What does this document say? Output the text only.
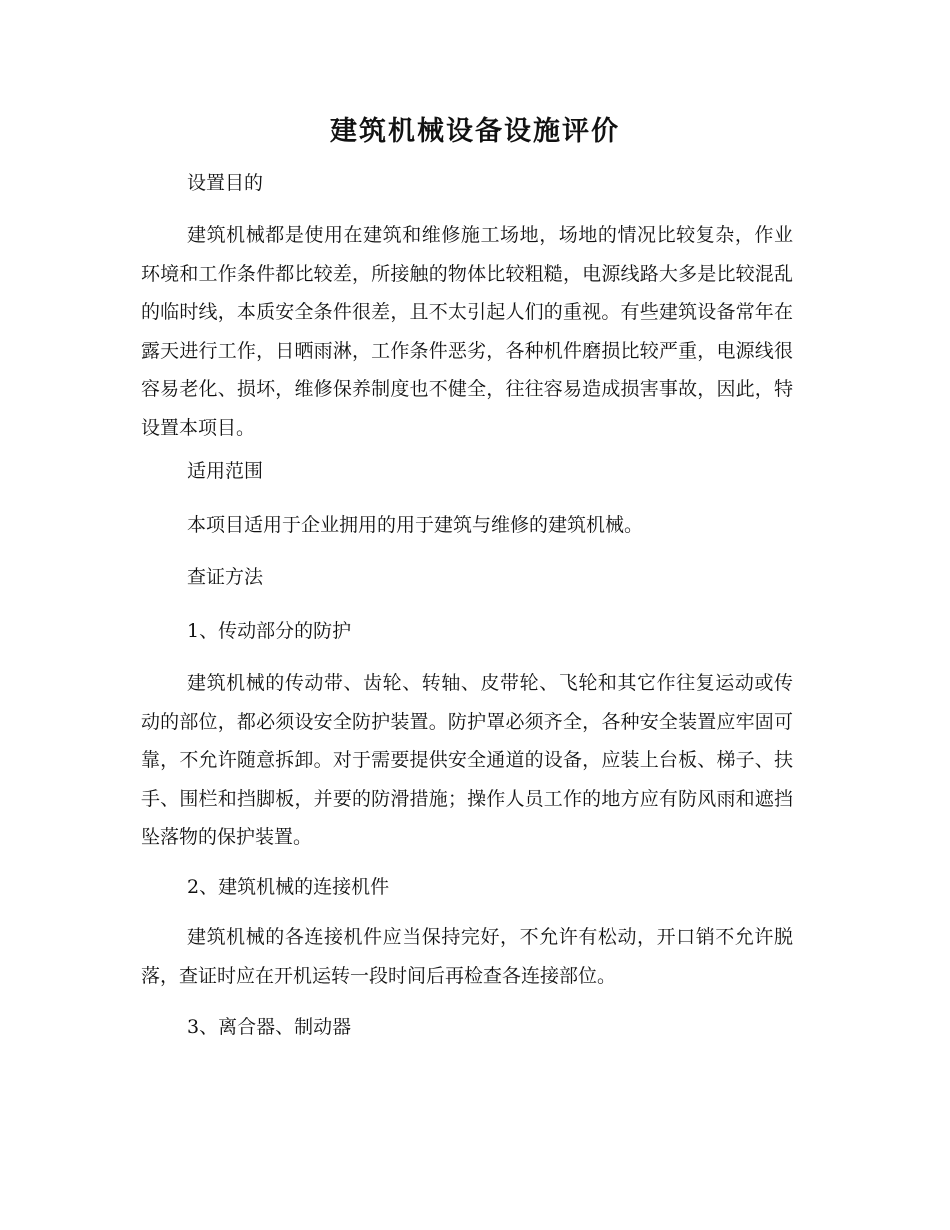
建筑机械设备设施评价

设置目的

建筑机械都是使用在建筑和维修施工场地，场地的情况比较复杂，作业环境和工作条件都比较差，所接触的物体比较粗糙，电源线路大多是比较混乱的临时线，本质安全条件很差，且不太引起人们的重视。有些建筑设备常年在露天进行工作，日晒雨淋，工作条件恶劣，各种机件磨损比较严重，电源线很容易老化、损坏，维修保养制度也不健全，往往容易造成损害事故，因此，特设置本项目。

适用范围

本项目适用于企业拥用的用于建筑与维修的建筑机械。

查证方法

1、传动部分的防护

建筑机械的传动带、齿轮、转轴、皮带轮、飞轮和其它作往复运动或传动的部位，都必须设安全防护装置。防护罩必须齐全，各种安全装置应牢固可靠，不允许随意拆卸。对于需要提供安全通道的设备，应装上台板、梯子、扶手、围栏和挡脚板，并要的防滑措施；操作人员工作的地方应有防风雨和遮挡坠落物的保护装置。

2、建筑机械的连接机件

建筑机械的各连接机件应当保持完好，不允许有松动，开口销不允许脱落，查证时应在开机运转一段时间后再检查各连接部位。

3、离合器、制动器
